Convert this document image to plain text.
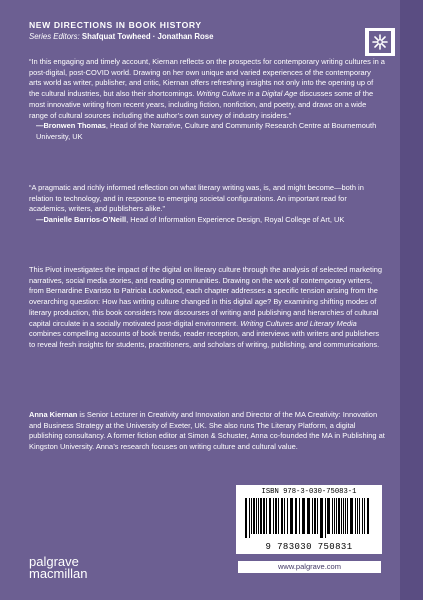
NEW DIRECTIONS IN BOOK HISTORY
Series Editors: Shafquat Towheed · Jonathan Rose

“In this engaging and timely account, Kiernan reflects on the prospects for contemporary writing cultures in a post-digital, post-COVID world. Drawing on her own unique and varied experiences of the contemporary arts world as writer, publisher, and critic, Kiernan offers refreshing insights not only into the opening up of the cultural industries, but also their shortcomings. Writing Culture in a Digital Age discusses some of the most innovative writing from recent years, including fiction, nonfiction, and poetry, and draws on a wide range of cultural sources including the author’s own survey of industry insiders.”

—Bronwen Thomas, Head of the Narrative, Culture and Community Research Centre at Bournemouth University, UK

“A pragmatic and richly informed reflection on what literary writing was, is, and might become—both in relation to technology, and in response to emerging societal configurations. An important read for academics, writers, and publishers alike.”

—Danielle Barrios-O’Neill, Head of Information Experience Design, Royal College of Art, UK

This Pivot investigates the impact of the digital on literary culture through the analysis of selected marketing narratives, social media stories, and reading communities. Drawing on the work of contemporary writers, from Bernardine Evaristo to Patricia Lockwood, each chapter addresses a specific tension arising from the overarching question: How has writing culture changed in this digital age? By examining shifting modes of literary production, this book considers how discourses of writing and publishing and hierarchies of cultural capital circulate in a socially motivated post-digital environment. Writing Cultures and Literary Media combines compelling accounts of book trends, reader reception, and interviews with writers and publishers to reveal fresh insights for students, practitioners, and scholars of writing, publishing, and communications.

Anna Kiernan is Senior Lecturer in Creativity and Innovation and Director of the MA Creativity: Innovation and Business Strategy at the University of Exeter, UK. She also runs The Literary Platform, a digital publishing consultancy. A former fiction editor at Simon & Schuster, Anna co-founded the MA in Publishing at Kingston University. Anna’s research focuses on writing culture and cultural value.

ISBN 978-3-030-75083-1
9 783030 750831
www.palgrave.com
palgrave
macmillan
